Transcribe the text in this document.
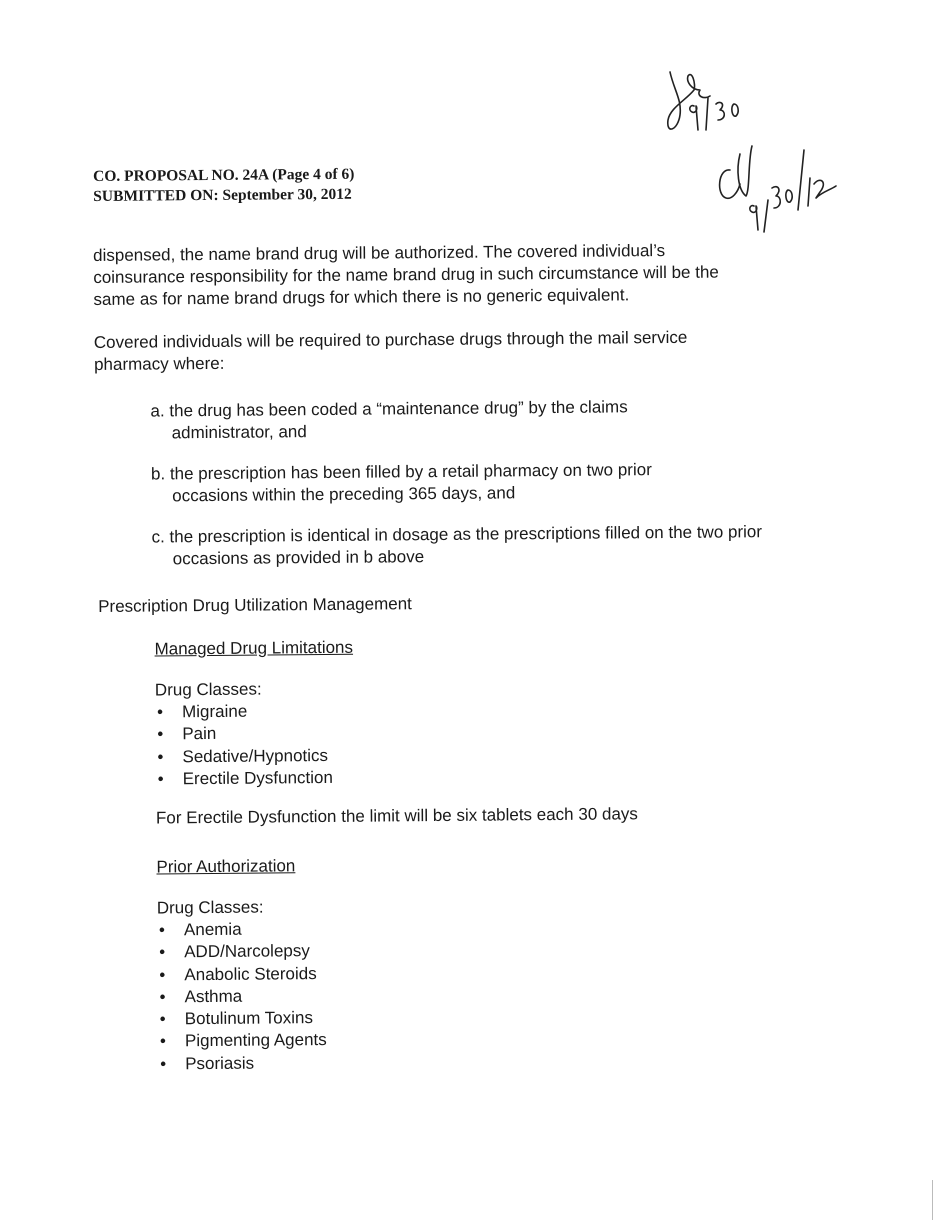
CO. PROPOSAL NO. 24A (Page 4 of 6)
SUBMITTED ON: September 30, 2012
dispensed, the name brand drug will be authorized. The covered individual’s
coinsurance responsibility for the name brand drug in such circumstance will be the
same as for name brand drugs for which there is no generic equivalent.
Covered individuals will be required to purchase drugs through the mail service
pharmacy where:
a. the drug has been coded a “maintenance drug” by the claims
administrator, and
b. the prescription has been filled by a retail pharmacy on two prior
occasions within the preceding 365 days, and
c. the prescription is identical in dosage as the prescriptions filled on the two prior
occasions as provided in b above
Prescription Drug Utilization Management
Managed Drug Limitations
Drug Classes:
• Migraine
• Pain
• Sedative/Hypnotics
• Erectile Dysfunction
For Erectile Dysfunction the limit will be six tablets each 30 days
Prior Authorization
Drug Classes:
• Anemia
• ADD/Narcolepsy
• Anabolic Steroids
• Asthma
• Botulinum Toxins
• Pigmenting Agents
• Psoriasis
